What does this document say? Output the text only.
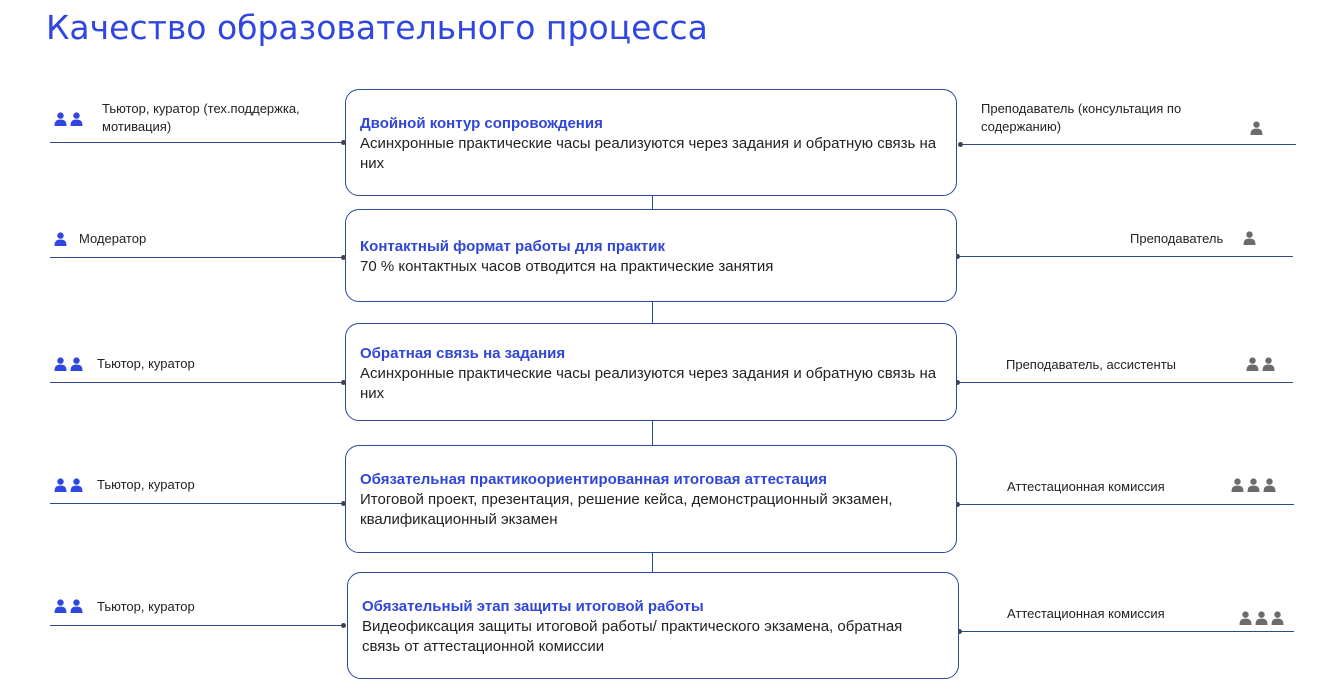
Качество образовательного процесса
Тьютор, куратор (тех.поддержка, мотивация)
Преподаватель (консультация по содержанию)
Двойной контур сопровождения
Асинхронные практические часы реализуются через задания и обратную связь на них
Модератор	Преподаватель
Контактный формат работы для практик
70 % контактных часов отводится на практические занятия
Тьютор, куратор	Преподаватель, ассистенты
Обратная связь на задания
Асинхронные практические часы реализуются через задания и обратную связь на них
Тьютор, куратор	Аттестационная комиссия
Обязательная практикоориентированная итоговая аттестация
Итоговой проект, презентация, решение кейса, демонстрационный экзамен, квалификационный экзамен
Тьютор, куратор	Аттестационная комиссия
Обязательный этап защиты итоговой работы
Видеофиксация защиты итоговой работы/ практического экзамена, обратная связь от аттестационной комиссии
